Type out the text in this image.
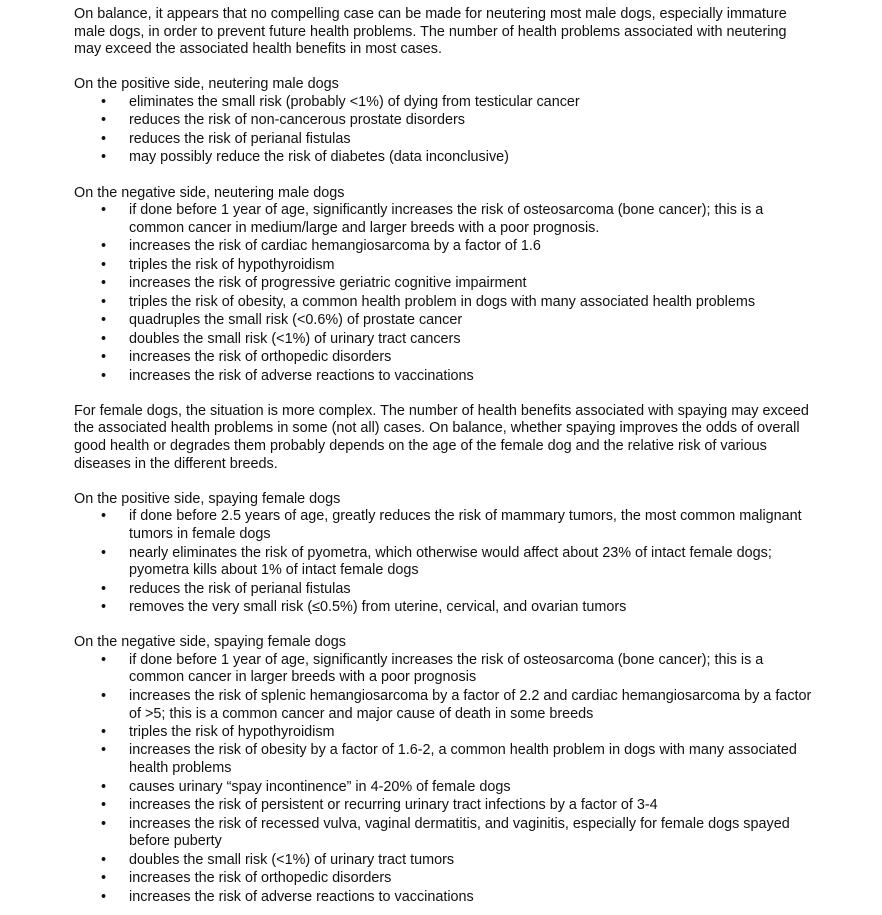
On balance, it appears that no compelling case can be made for neutering most male dogs, especially immature male dogs, in order to prevent future health problems. The number of health problems associated with neutering may exceed the associated health benefits in most cases.

On the positive side, neutering male dogs

• eliminates the small risk (probably <1%) of dying from testicular cancer
• reduces the risk of non-cancerous prostate disorders
• reduces the risk of perianal fistulas
• may possibly reduce the risk of diabetes (data inconclusive)

On the negative side, neutering male dogs

• if done before 1 year of age, significantly increases the risk of osteosarcoma (bone cancer); this is a common cancer in medium/large and larger breeds with a poor prognosis.
• increases the risk of cardiac hemangiosarcoma by a factor of 1.6
• triples the risk of hypothyroidism
• increases the risk of progressive geriatric cognitive impairment
• triples the risk of obesity, a common health problem in dogs with many associated health problems
• quadruples the small risk (<0.6%) of prostate cancer
• doubles the small risk (<1%) of urinary tract cancers
• increases the risk of orthopedic disorders
• increases the risk of adverse reactions to vaccinations

For female dogs, the situation is more complex. The number of health benefits associated with spaying may exceed the associated health problems in some (not all) cases. On balance, whether spaying improves the odds of overall good health or degrades them probably depends on the age of the female dog and the relative risk of various diseases in the different breeds.

On the positive side, spaying female dogs

• if done before 2.5 years of age, greatly reduces the risk of mammary tumors, the most common malignant tumors in female dogs
• nearly eliminates the risk of pyometra, which otherwise would affect about 23% of intact female dogs; pyometra kills about 1% of intact female dogs
• reduces the risk of perianal fistulas
• removes the very small risk (≤0.5%) from uterine, cervical, and ovarian tumors

On the negative side, spaying female dogs

• if done before 1 year of age, significantly increases the risk of osteosarcoma (bone cancer); this is a common cancer in larger breeds with a poor prognosis
• increases the risk of splenic hemangiosarcoma by a factor of 2.2 and cardiac hemangiosarcoma by a factor of >5; this is a common cancer and major cause of death in some breeds
• triples the risk of hypothyroidism
• increases the risk of obesity by a factor of 1.6-2, a common health problem in dogs with many associated health problems
• causes urinary “spay incontinence” in 4-20% of female dogs
• increases the risk of persistent or recurring urinary tract infections by a factor of 3-4
• increases the risk of recessed vulva, vaginal dermatitis, and vaginitis, especially for female dogs spayed before puberty
• doubles the small risk (<1%) of urinary tract tumors
• increases the risk of orthopedic disorders
• increases the risk of adverse reactions to vaccinations
